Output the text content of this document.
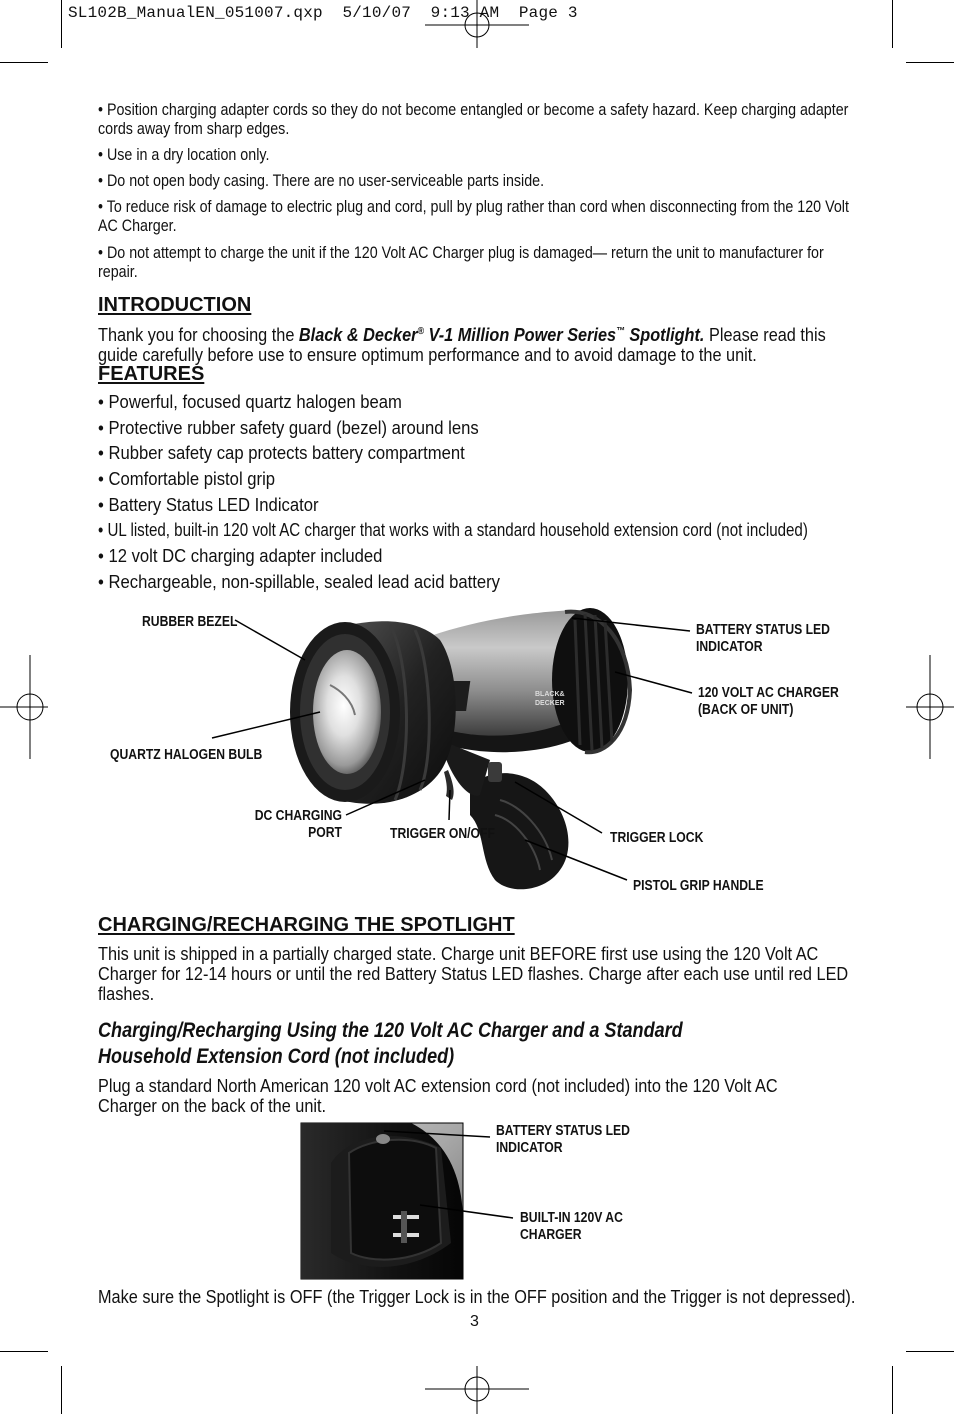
SL102B_ManualEN_051007.qxp  5/10/07  9:13 AM  Page 3
• Position charging adapter cords so they do not become entangled or become a safety hazard. Keep charging adapter cords away from sharp edges.
• Use in a dry location only.
• Do not open body casing. There are no user-serviceable parts inside.
• To reduce risk of damage to electric plug and cord, pull by plug rather than cord when disconnecting from the 120 Volt AC Charger.
• Do not attempt to charge the unit if the 120 Volt AC Charger plug is damaged— return the unit to manufacturer for repair.
INTRODUCTION
Thank you for choosing the Black & Decker® V-1 Million Power Series™ Spotlight. Please read this guide carefully before use to ensure optimum performance and to avoid damage to the unit.
FEATURES
• Powerful, focused quartz halogen beam
• Protective rubber safety guard (bezel) around lens
• Rubber safety cap protects battery compartment
• Comfortable pistol grip
• Battery Status LED Indicator
• UL listed, built-in 120 volt AC charger that works with a standard household extension cord (not included)
• 12 volt DC charging adapter included
• Rechargeable, non-spillable, sealed lead acid battery
BLACK&
DECKER
RUBBER BEZEL
QUARTZ HALOGEN BULB
DC CHARGING
PORT	TRIGGER ON/OFF
BATTERY STATUS LED
INDICATOR
120 VOLT AC CHARGER
(BACK OF UNIT)
TRIGGER LOCK
PISTOL GRIP HANDLE
CHARGING/RECHARGING THE SPOTLIGHT
This unit is shipped in a partially charged state. Charge unit BEFORE first use using the 120 Volt AC Charger for 12-14 hours or until the red Battery Status LED flashes. Charge after each use until red LED flashes.
Charging/Recharging Using the 120 Volt AC Charger and a Standard Household Extension Cord (not included)
Plug a standard North American 120 volt AC extension cord (not included) into the 120 Volt AC Charger on the back of the unit.
BATTERY STATUS LED
INDICATOR
BUILT-IN 120V AC
CHARGER
Make sure the Spotlight is OFF (the Trigger Lock is in the OFF position and the Trigger is not depressed).
3
